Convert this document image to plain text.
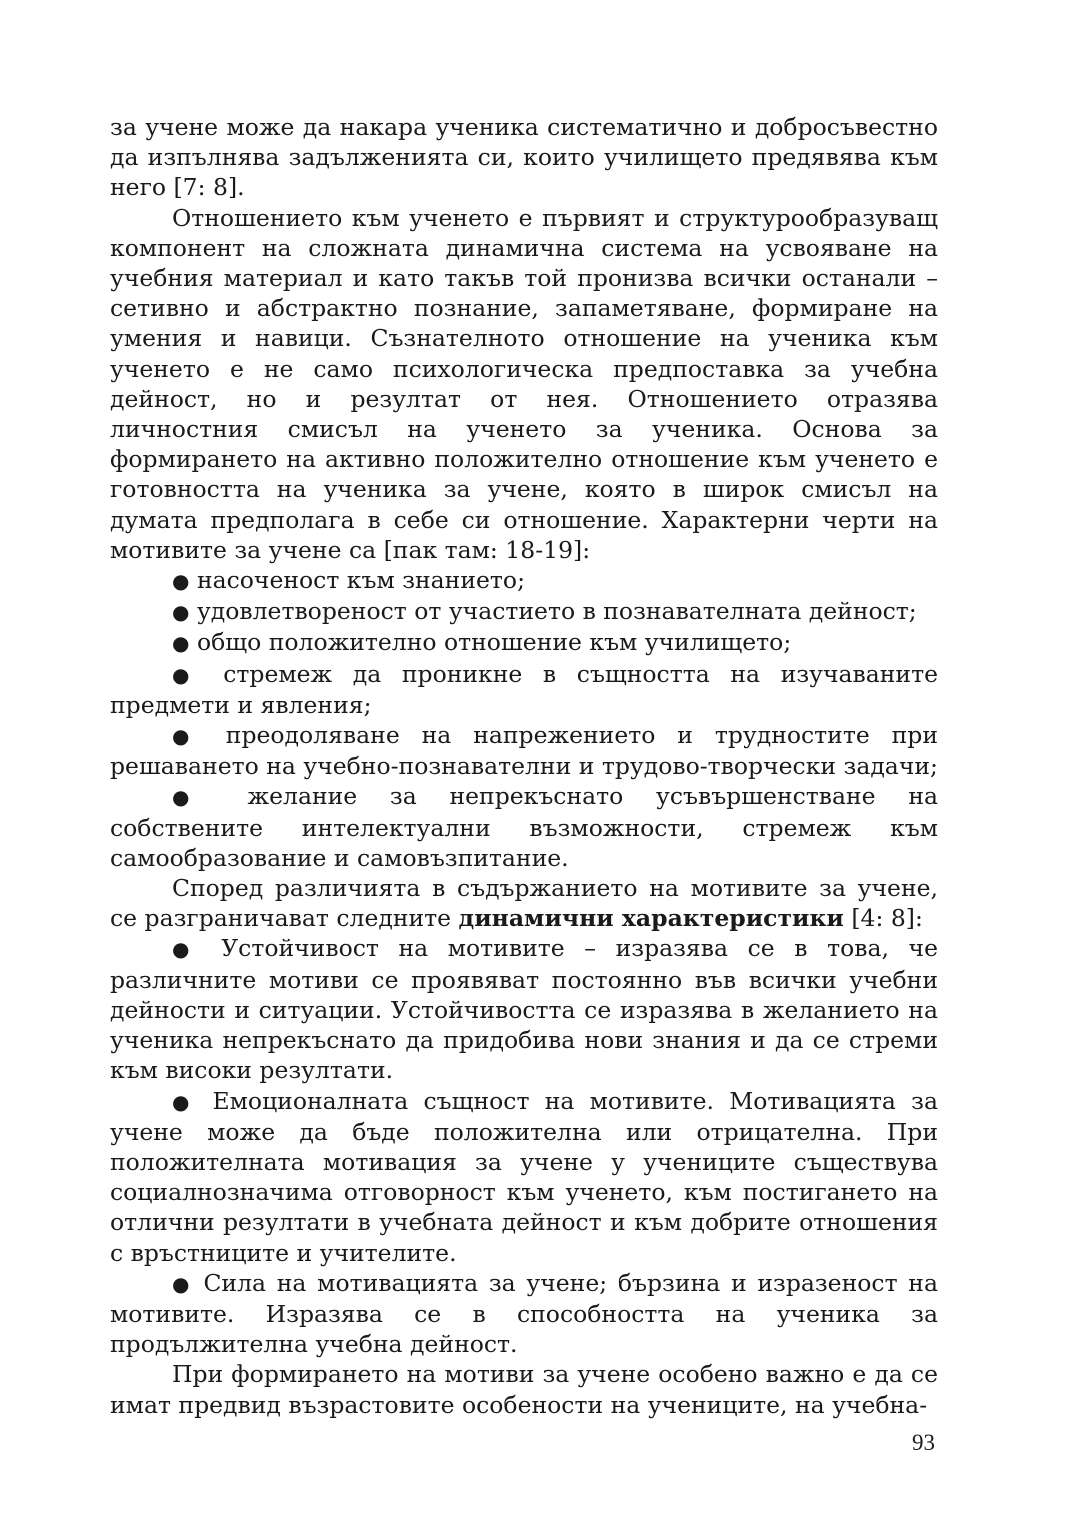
за учене може да накара ученика систематично и добросъвестно да изпълнява задълженията си, които училището предявява към него [7: 8].

Отношението към ученето е първият и структурообразуващ компонент на сложната динамична система на усвояване на учебния материал и като такъв той пронизва всички останали – сетивно и абстрактно познание, запаметяване, формиране на умения и навици. Съзнателното отношение на ученика към ученето е не само психологическа предпоставка за учебна дейност, но и резултат от нея. Отношението отразява личностния смисъл на ученето за ученика. Основа за формирането на активно положително отношение към ученето е готовността на ученика за учене, която в широк смисъл на думата предполага в себе си отношение. Характерни черти на мотивите за учене са [пак там: 18-19]:

● насоченост към знанието;

● удовлетвореност от участието в познавателната дейност;

● общо положително отношение към училището;

● стремеж да проникне в същността на изучаваните предмети и явления;

● преодоляване на напрежението и трудностите при решаването на учебно-познавателни и трудово-творчески задачи;

● желание за непрекъснато усъвършенстване на собствените интелектуални възможности, стремеж към самообразование и самовъзпитание.

Според различията в съдържанието на мотивите за учене, се разграничават следните динамични характеристики [4: 8]:

● Устойчивост на мотивите – изразява се в това, че различните мотиви се проявяват постоянно във всички учебни дейности и ситуации. Устойчивостта се изразява в желанието на ученика непрекъснато да придобива нови знания и да се стреми към високи резултати.

● Емоционалната същност на мотивите. Мотивацията за учене може да бъде положителна или отрицателна. При положителната мотивация за учене у учениците съществува социалнозначима отговорност към ученето, към постигането на отлични резултати в учебната дейност и към добрите отношения с връстниците и учителите.

● Сила на мотивацията за учене; бързина и изразеност на мотивите. Изразява се в способността на ученика за продължителна учебна дейност.

При формирането на мотиви за учене особено важно е да се имат предвид възрастовите особености на учениците, на учебна-

93
